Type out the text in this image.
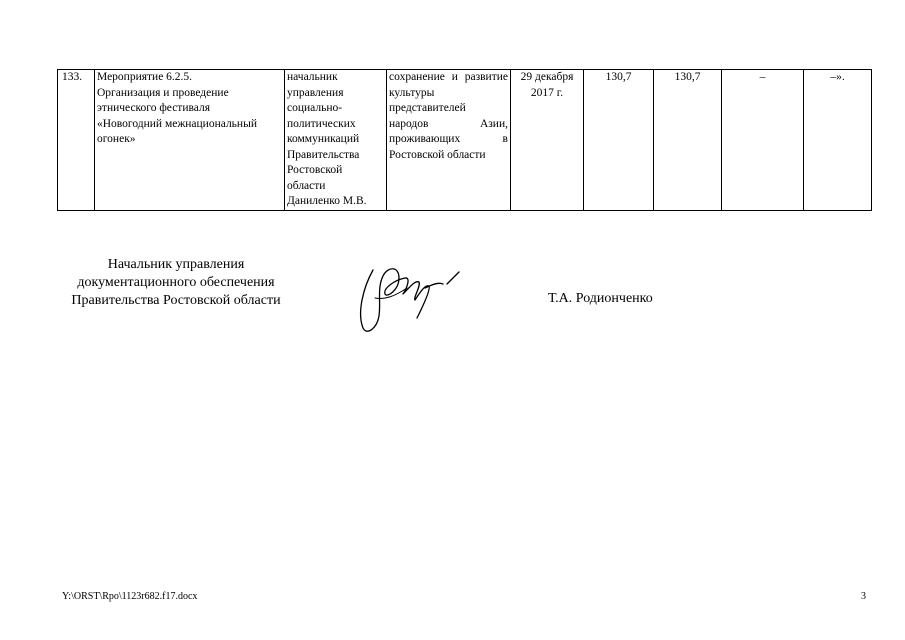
133.	Мероприятие 6.2.5.
Организация и проведение
этнического фестиваля
«Новогодний межнациональный
огонек»	начальник
управления
социально-
политических
коммуникаций
Правительства
Ростовской
области
Даниленко М.В.	сохранение и развитие культуры представителей народов Азии, проживающих в Ростовской области	29 декабря
2017 г.	130,7	130,7	–	–».
Начальник управления
документационного обеспечения
Правительства Ростовской области	Т.А. Родионченко
Y:\ORST\Rpo\1123r682.f17.docx	3
